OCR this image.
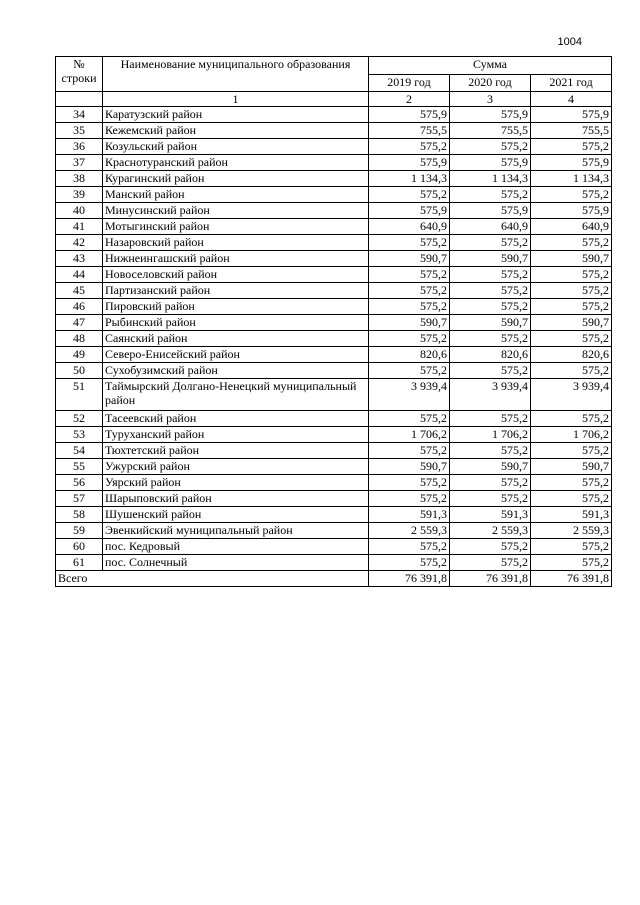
1004
№ строки	Наименование муниципального образования	Сумма		
		2019 год	2020 год	2021 год
	1	2	3	4
34	Каратузский район	575,9	575,9	575,9
35	Кежемский район	755,5	755,5	755,5
36	Козульский район	575,2	575,2	575,2
37	Краснотуранский район	575,9	575,9	575,9
38	Курагинский район	1 134,3	1 134,3	1 134,3
39	Манский район	575,2	575,2	575,2
40	Минусинский район	575,9	575,9	575,9
41	Мотыгинский район	640,9	640,9	640,9
42	Назаровский район	575,2	575,2	575,2
43	Нижнеингашский район	590,7	590,7	590,7
44	Новоселовский район	575,2	575,2	575,2
45	Партизанский район	575,2	575,2	575,2
46	Пировский район	575,2	575,2	575,2
47	Рыбинский район	590,7	590,7	590,7
48	Саянский район	575,2	575,2	575,2
49	Северо-Енисейский район	820,6	820,6	820,6
50	Сухобузимский район	575,2	575,2	575,2
51	Таймырский Долгано-Ненецкий муниципальный район	3 939,4	3 939,4	3 939,4
52	Тасеевский район	575,2	575,2	575,2
53	Туруханский район	1 706,2	1 706,2	1 706,2
54	Тюхтетский район	575,2	575,2	575,2
55	Ужурский район	590,7	590,7	590,7
56	Уярский район	575,2	575,2	575,2
57	Шарыповский район	575,2	575,2	575,2
58	Шушенский район	591,3	591,3	591,3
59	Эвенкийский муниципальный район	2 559,3	2 559,3	2 559,3
60	пос. Кедровый	575,2	575,2	575,2
61	пос. Солнечный	575,2	575,2	575,2
Всего		76 391,8	76 391,8	76 391,8
